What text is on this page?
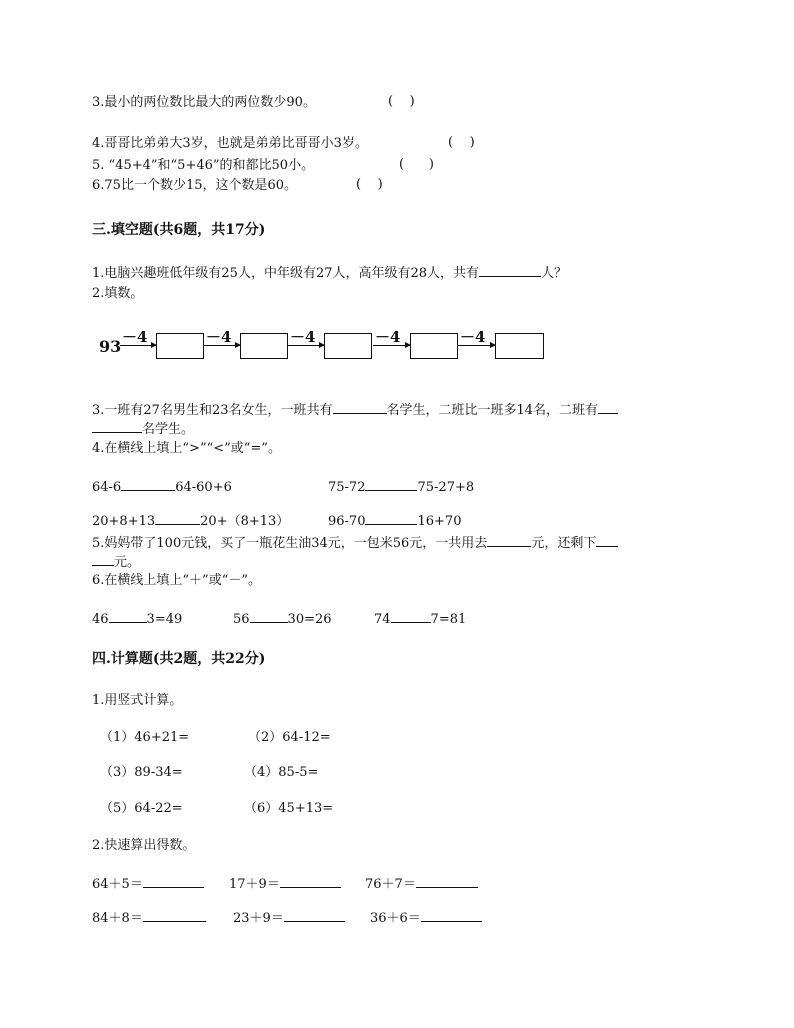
3.最小的两位数比最大的两位数少90。	(    )
4.哥哥比弟弟大3岁，也就是弟弟比哥哥小3岁。	(    )
5. “45+4”和“5+46”的和都比50小。	(      )
6.75比一个数少15，这个数是60。	(    )
三.填空题(共6题，共17分)
1.电脑兴趣班低年级有25人，中年级有27人，高年级有28人，共有	人？
2.填数。
93 －4	－4	－4	－4	－4
3.一班有27名男生和23名女生，一班共有	名学生，二班比一班多14名，二班有
名学生。
4.在横线上填上“>”“<”或“=”。
64-6	64-60+6	75-72	75-27+8
20+8+13	20+（8+13）	96-70	16+70
5.妈妈带了100元钱，买了一瓶花生油34元，一包米56元，一共用去	元，还剩下
元。
6.在横线上填上“＋”或“－”。
46	3=49	56	30=26	74	7=81
四.计算题(共2题，共22分)
1.用竖式计算。
（1）46+21=	（2）64-12=
（3）89-34=	（4）85-5=
（5）64-22=	（6）45+13=
2.快速算出得数。
64＋5＝	17＋9＝	76＋7＝
84＋8＝	23＋9＝	36＋6＝
